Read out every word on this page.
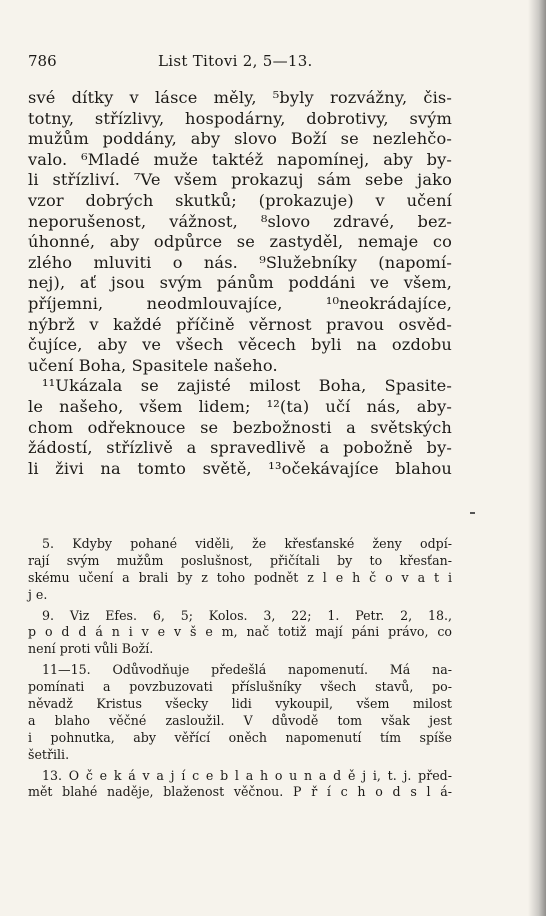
786	List Titovi 2, 5—13.
své dítky v lásce měly, ⁵byly rozvážny, čis-
totny, střízlivy, hospodárny, dobrotivy, svým
mužům poddány, aby slovo Boží se nezlehčo-
valo. ⁶Mladé muže taktéž napomínej, aby by-
li střízliví. ⁷Ve všem prokazuj sám sebe jako
vzor dobrých skutků; (prokazuje) v učení
neporušenost, vážnost, ⁸slovo zdravé, bez-
úhonné, aby odpůrce se zastyděl, nemaje co
zlého mluviti o nás. ⁹Služebníky (napomí-
nej), ať jsou svým pánům poddáni ve všem,
příjemni, neodmlouvajíce, ¹⁰neokrádajíce,
nýbrž v každé příčině věrnost pravou osvěd-
čujíce, aby ve všech věcech byli na ozdobu
učení Boha, Spasitele našeho.
¹¹Ukázala se zajisté milost Boha, Spasite-
le našeho, všem lidem; ¹²(ta) učí nás, aby-
chom odřeknouce se bezbožnosti a světských
žádostí, střízlivě a spravedlivě a pobožně by-
li živi na tomto světě, ¹³očekávajíce blahou
5. Kdyby pohané viděli, že křesťanské ženy odpí-
rají svým mužům poslušnost, přičítali by to křesťan-
skému učení a brali by z toho podnět z l e h č o v a t i
j e.
9. Viz Efes. 6, 5; Kolos. 3, 22; 1. Petr. 2, 18.,
p o d d á n i v e v š e m, nač totiž mají páni právo, co
není proti vůli Boží.
11—15. Odůvodňuje předešlá napomenutí. Má na-
pomínati a povzbuzovati příslušníky všech stavů, po-
něvadž Kristus všecky lidi vykoupil, všem milost
a blaho věčné zasloužil. V důvodě tom však jest
i pohnutka, aby věřící oněch napomenutí tím spíše
šetřili.
13. O č e k á v a j í c e b l a h o u n a d ě j i, t. j. před-
mět blahé naděje, blaženost věčnou. P ř í c h o d s l á-
